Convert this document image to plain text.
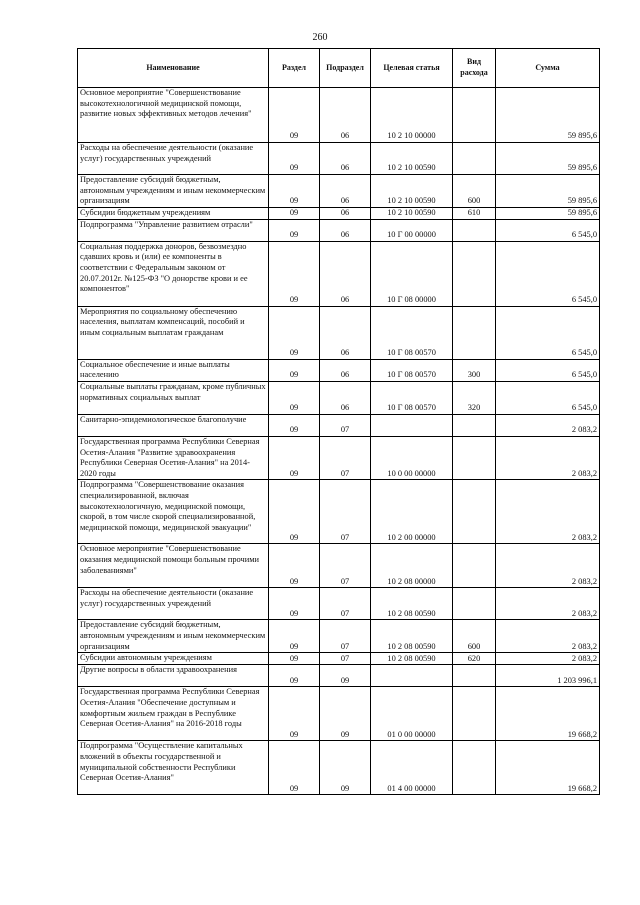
260
Наименование	Раздел	Подраздел	Целевая статья	Вид расхода	Сумма
Основное мероприятие "Совершенствование высокотехнологичной медицинской помощи, развитие новых эффективных методов лечения"	09	06	10 2 10 00000		59 895,6
Расходы на обеспечение деятельности (оказание услуг) государственных учреждений	09	06	10 2 10 00590		59 895,6
Предоставление субсидий бюджетным, автономным учреждениям и иным некоммерческим организациям	09	06	10 2 10 00590	600	59 895,6
Субсидии бюджетным учреждениям	09	06	10 2 10 00590	610	59 895,6
Подпрограмма "Управление развитием отрасли"	09	06	10 Г 00 00000		6 545,0
Социальная поддержка доноров, безвозмездно сдавших кровь и (или) ее компоненты в соответствии с Федеральным законом от 20.07.2012г. №125-ФЗ "О донорстве крови и ее компонентов"	09	06	10 Г 08 00000		6 545,0
Мероприятия по социальному обеспечению населения, выплатам компенсаций, пособий и иным социальным выплатам гражданам	09	06	10 Г 08 00570		6 545,0
Социальное обеспечение и иные выплаты населению	09	06	10 Г 08 00570	300	6 545,0
Социальные выплаты гражданам, кроме публичных нормативных социальных выплат	09	06	10 Г 08 00570	320	6 545,0
Санитарно-эпидемиологическое благополучие	09	07			2 083,2
Государственная программа Республики Северная Осетия-Алания "Развитие здравоохранения Республики Северная Осетия-Алания" на 2014-2020 годы	09	07	10 0 00 00000		2 083,2
Подпрограмма "Совершенствование оказания специализированной, включая высокотехнологичную, медицинской помощи, скорой, в том числе скорой специализированной, медицинской помощи, медицинской эвакуации"	09	07	10 2 00 00000		2 083,2
Основное мероприятие "Совершенствование оказания медицинской помощи больным прочими заболеваниями"	09	07	10 2 08 00000		2 083,2
Расходы на обеспечение деятельности (оказание услуг) государственных учреждений	09	07	10 2 08 00590		2 083,2
Предоставление субсидий бюджетным, автономным учреждениям и иным некоммерческим организациям	09	07	10 2 08 00590	600	2 083,2
Субсидии автономным учреждениям	09	07	10 2 08 00590	620	2 083,2
Другие вопросы в области здравоохранения	09	09			1 203 996,1
Государственная программа Республики Северная Осетия-Алания "Обеспечение доступным и комфортным жильем граждан в Республике Северная Осетия-Алания" на 2016-2018 годы	09	09	01 0 00 00000		19 668,2
Подпрограмма "Осуществление капитальных вложений в объекты государственной и муниципальной собственности Республики Северная Осетия-Алания"	09	09	01 4 00 00000		19 668,2
